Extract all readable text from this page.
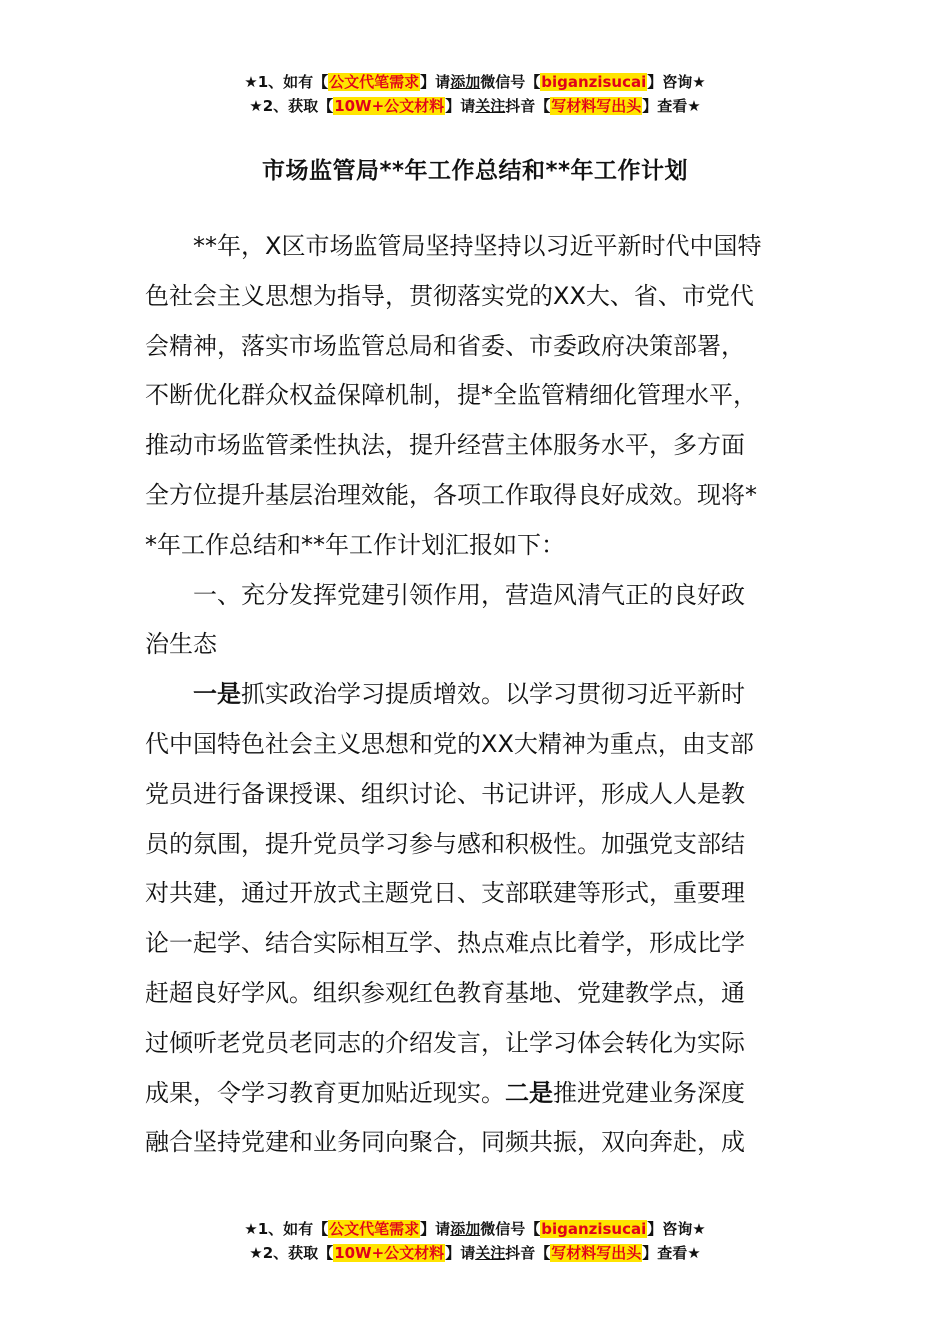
★1、如有【公文代笔需求】请添加微信号【biganzisucai】咨询★
★2、获取【10W+公文材料】请关注抖音【写材料写出头】查看★
市场监管局**年工作总结和**年工作计划
**年，X区市场监管局坚持坚持以习近平新时代中国特
色社会主义思想为指导，贯彻落实党的XX大、省、市党代
会精神，落实市场监管总局和省委、市委政府决策部署，
不断优化群众权益保障机制，提*全监管精细化管理水平，
推动市场监管柔性执法，提升经营主体服务水平，多方面
全方位提升基层治理效能，各项工作取得良好成效。现将*
*年工作总结和**年工作计划汇报如下：
一、充分发挥党建引领作用，营造风清气正的良好政
治生态
一是抓实政治学习提质增效。以学习贯彻习近平新时
代中国特色社会主义思想和党的XX大精神为重点，由支部
党员进行备课授课、组织讨论、书记讲评，形成人人是教
员的氛围，提升党员学习参与感和积极性。加强党支部结
对共建，通过开放式主题党日、支部联建等形式，重要理
论一起学、结合实际相互学、热点难点比着学，形成比学
赶超良好学风。组织参观红色教育基地、党建教学点，通
过倾听老党员老同志的介绍发言，让学习体会转化为实际
成果，令学习教育更加贴近现实。二是推进党建业务深度
融合坚持党建和业务同向聚合，同频共振，双向奔赴，成
★1、如有【公文代笔需求】请添加微信号【biganzisucai】咨询★
★2、获取【10W+公文材料】请关注抖音【写材料写出头】查看★
